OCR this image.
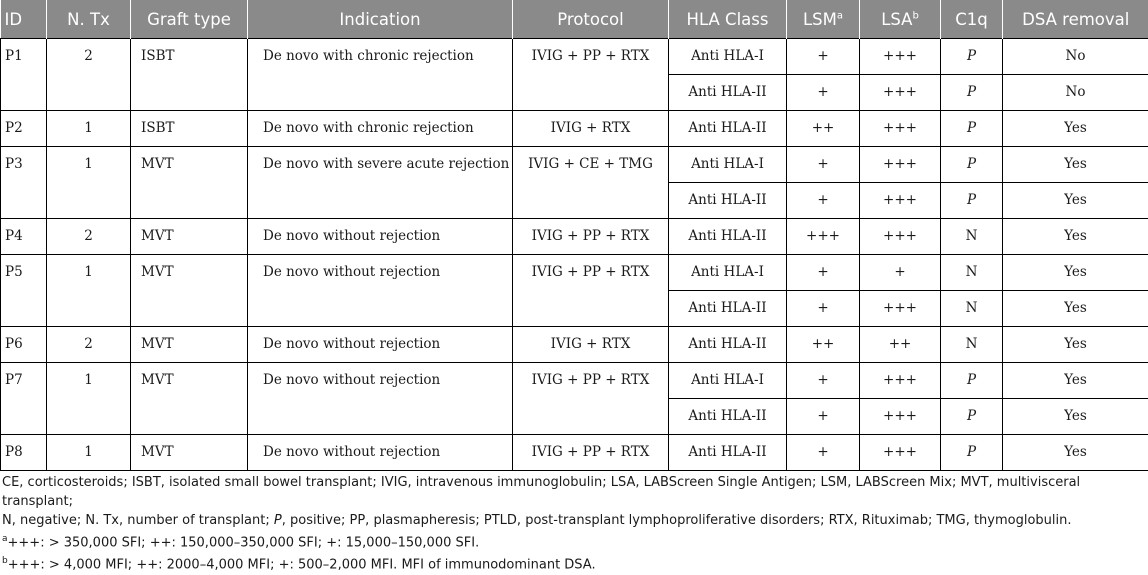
ID	N. Tx	Graft type	Indication	Protocol	HLA Class	LSM$^a$	LSA$^b$	C1q	DSA removal
P1	2	ISBT	De novo with chronic rejection	IVIG + PP + RTX	Anti HLA-I	+	+++	P	No
					Anti HLA-II	+	+++	P	No
P2	1	ISBT	De novo with chronic rejection	IVIG + RTX	Anti HLA-II	++	+++	P	Yes
P3	1	MVT	De novo with severe acute rejection	IVIG + CE + TMG	Anti HLA-I	+	+++	P	Yes
					Anti HLA-II	+	+++	P	Yes
P4	2	MVT	De novo without rejection	IVIG + PP + RTX	Anti HLA-II	+++	+++	N	Yes
P5	1	MVT	De novo without rejection	IVIG + PP + RTX	Anti HLA-I	+	+	N	Yes
					Anti HLA-II	+	+++	N	Yes
P6	2	MVT	De novo without rejection	IVIG + RTX	Anti HLA-II	++	++	N	Yes
P7	1	MVT	De novo without rejection	IVIG + PP + RTX	Anti HLA-I	+	+++	P	Yes
					Anti HLA-II	+	+++	P	Yes
P8	1	MVT	De novo without rejection	IVIG + PP + RTX	Anti HLA-II	+	+++	P	Yes

CE, corticosteroids; ISBT, isolated small bowel transplant; IVIG, intravenous immunoglobulin; LSA, LABScreen Single Antigen; LSM, LABScreen Mix; MVT, multivisceral transplant;

N, negative; N. Tx, number of transplant; P, positive; PP, plasmapheresis; PTLD, post-transplant lymphoproliferative disorders; RTX, Rituximab; TMG, thymoglobulin.

$^a$+++: > 350,000 SFI; ++: 150,000–350,000 SFI; +: 15,000–150,000 SFI.

$^b$+++: > 4,000 MFI; ++: 2000–4,000 MFI; +: 500–2,000 MFI. MFI of immunodominant DSA.
